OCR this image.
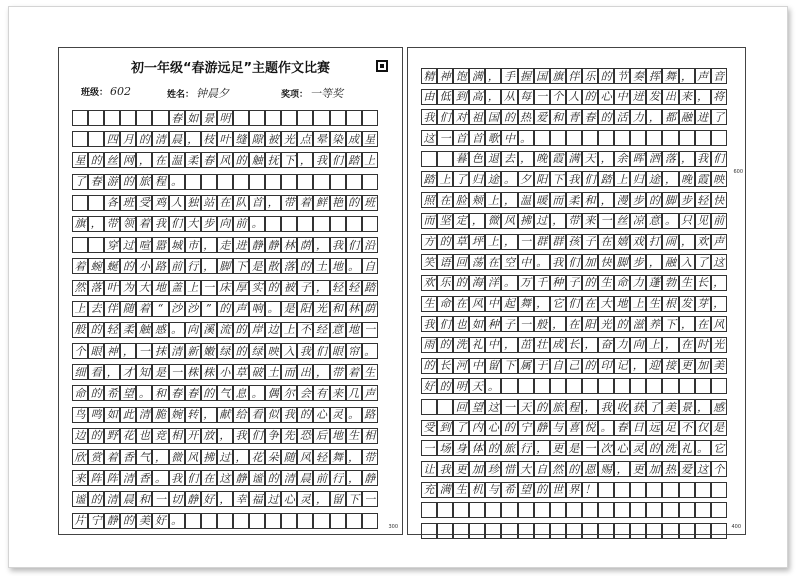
初一年级“春游远足”主题作文比赛
班级： 602	姓名： 钟晨夕	奖项： 一等奖
春 如 景 明
四 月 的 清 晨 ， 枝 叶 缝 隙 被 光 点 晕 染 成 星
星 的 丝 网 ， 在 温 柔 春 风 的 触 抚 下 ， 我 们 踏 上
了 春 游 的 旅 程 。
各 班 受 鸡 人 独 站 在 队 首 ， 带 着 鲜 艳 的 班
旗 ， 带 领 着 我 们 大 步 向 前 。
穿 过 喧 嚣 城 市 ， 走 进 静 静 林 荫 ， 我 们 沿
着 蜿 蜒 的 小 路 前 行 ， 脚 下 是 散 落 的 土 地 。 自
然 落 叶 为 大 地 盖 上 一 床 厚 实 的 被 子 ， 轻 轻 踏
上 去 伴 随 着 “ 沙 沙 ” 的 声 响 。 是 阳 光 和 林 荫
般 的 轻 柔 触 感 。 向 溪 流 的 岸 边 上 不 经 意 地 一
个 眼 神 ， 一 抹 清 新 嫩 绿 的 绿 映 入 我 们 眼 帘 。
细 看 ， 才 知 是 一 株 株 小 草 破 土 而 出 ， 带 着 生
命 的 希 望 。 和 春 春 的 气 息 。 偶 尔 会 有 来 几 声
鸟 鸣 如 此 清 脆 婉 转 ， 献 给 看 似 我 的 心 灵 。 路
边 的 野 花 也 竞 相 开 放 ， 我 们 争 先 恐 后 地 生 相
欣 赏 着 香 气 ， 微 风 拂 过 ， 花 朵 随 风 轻 舞 ， 带
来 阵 阵 清 香 。 我 们 在 这 静 谧 的 清 晨 前 行 ， 静
谧 的 清 晨 和 一 切 静 好 ， 幸 福 过 心 灵 ， 留 下 一
片 宁 静 的 美 好 。	300
精 神 饱 满 ， 手 握 国 旗 伴 乐 的 节 奏 挥 舞 ， 声 音
由 低 到 高 ， 从 每 一 个 人 的 心 中 迸 发 出 来 ， 将
我 们 对 祖 国 的 热 爱 和 青 春 的 活 力 ， 都 融 进 了
这 一 首 首 歌 中 。
暮 色 退 去 ， 晚 霞 满 天 ， 余 晖 洒 落 ， 我 们
踏 上 了 归 途 。 夕 阳 下 我 们 踏 上 归 途 ， 晚 霞 映
照 在 脸 颊 上 ， 温 暖 而 柔 和 ， 漫 步 的 脚 步 轻 快
而 坚 定 ， 微 风 拂 过 ， 带 来 一 丝 凉 意 。 只 见 前
方 的 草 坪 上 ， 一 群 群 孩 子 在 嬉 戏 打 闹 ， 欢 声
笑 语 回 荡 在 空 中 。 我 们 加 快 脚 步 ， 融 入 了 这
欢 乐 的 海 洋 。 万 千 种 子 的 生 命 力 蓬 勃 生 长 ，
生 命 在 风 中 起 舞 ， 它 们 在 大 地 上 生 根 发 芽 ，
我 们 也 如 种 子 一 般 ， 在 阳 光 的 滋 养 下 ， 在 风
雨 的 洗 礼 中 ， 茁 壮 成 长 ， 奋 力 向 上 ， 在 时 光
的 长 河 中 留 下 属 于 自 己 的 印 记 ， 迎 接 更 加 美
好 的 明 天 。
回 望 这 一 天 的 旅 程 ， 我 收 获 了 美 景 ， 感
受 到 了 内 心 的 宁 静 与 喜 悦 。 春 日 远 足 不 仅 是
一 场 身 体 的 旅 行 ， 更 是 一 次 心 灵 的 洗 礼 。 它
让 我 更 加 珍 惜 大 自 然 的 恩 赐 ， 更 加 热 爱 这 个
充 满 生 机 与 希 望 的 世 界 ！
600
400
